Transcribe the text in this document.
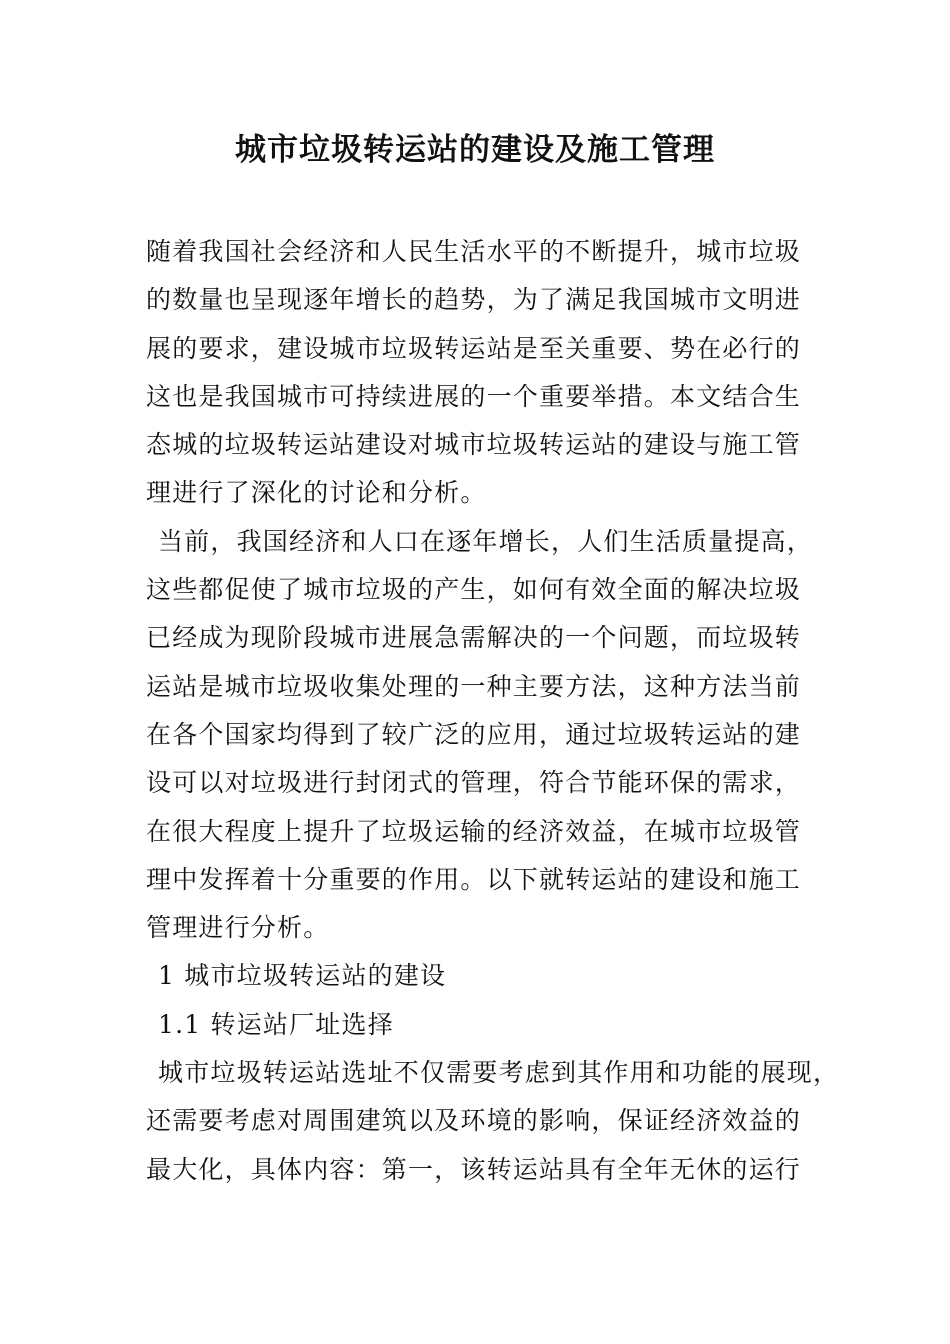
城市垃圾转运站的建设及施工管理
随着我国社会经济和人民生活水平的不断提升，城市垃圾
的数量也呈现逐年增长的趋势，为了满足我国城市文明进
展的要求，建设城市垃圾转运站是至关重要、势在必行的
这也是我国城市可持续进展的一个重要举措。本文结合生
态城的垃圾转运站建设对城市垃圾转运站的建设与施工管
理进行了深化的讨论和分析。
当前，我国经济和人口在逐年增长，人们生活质量提高，
这些都促使了城市垃圾的产生，如何有效全面的解决垃圾
已经成为现阶段城市进展急需解决的一个问题，而垃圾转
运站是城市垃圾收集处理的一种主要方法，这种方法当前
在各个国家均得到了较广泛的应用，通过垃圾转运站的建
设可以对垃圾进行封闭式的管理，符合节能环保的需求，
在很大程度上提升了垃圾运输的经济效益，在城市垃圾管
理中发挥着十分重要的作用。以下就转运站的建设和施工
管理进行分析。
1 城市垃圾转运站的建设
1.1 转运站厂址选择
城市垃圾转运站选址不仅需要考虑到其作用和功能的展现，
还需要考虑对周围建筑以及环境的影响，保证经济效益的
最大化，具体内容：第一，该转运站具有全年无休的运行
